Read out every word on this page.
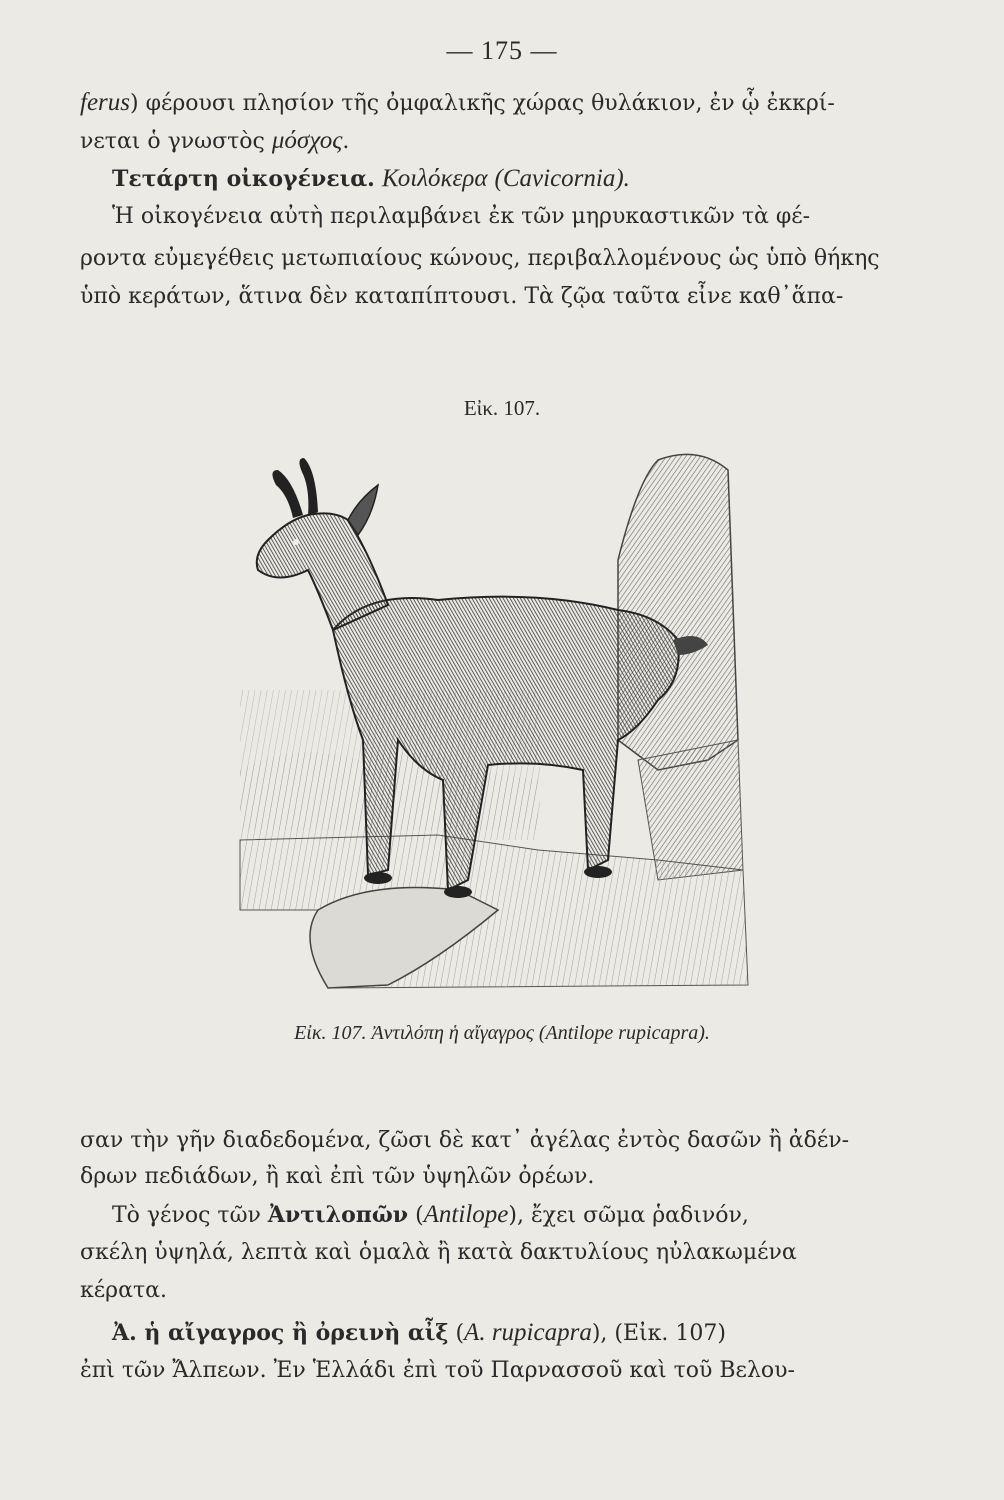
— 175 —
ferus) φέρουσι πλησίον τῆς ὀμφαλικῆς χώρας θυλάκιον, ἐν ᾧ ἐκκρί-
νεται ὁ γνωστὸς μόσχος.
Τετάρτη οἰκογένεια. Κοιλόκερα (Cavicornia).
Ἡ οἰκογένεια αὐτὴ περιλαμβάνει ἐκ τῶν μηρυκαστικῶν τὰ φέ-
ροντα εὐμεγέθεις μετωπιαίους κώνους, περιβαλλομένους ὡς ὑπὸ θήκης
ὑπὸ κεράτων, ἅτινα δὲν καταπίπτουσι. Τὰ ζῷα ταῦτα εἶνε καθ᾽ἅπα-
Εἰκ. 107.
Εἰκ. 107. Ἀντιλόπη ἡ αἴγαγρος (Antilope rupicapra).
σαν τὴν γῆν διαδεδομένα, ζῶσι δὲ κατ᾽ ἀγέλας ἐντὸς δασῶν ἢ ἀδέν-
δρων πεδιάδων, ἢ καὶ ἐπὶ τῶν ὑψηλῶν ὀρέων.
Τὸ γένος τῶν Ἀντιλοπῶν (Antilope), ἔχει σῶμα ῥαδινόν,
σκέλη ὑψηλά, λεπτὰ καὶ ὁμαλὰ ἢ κατὰ δακτυλίους ηὐλακωμένα
κέρατα.
Ἀ. ἡ αἴγαγρος ἢ ὀρεινὴ αἶξ (A. rupicapra), (Εἰκ. 107)
ἐπὶ τῶν Ἄλπεων. Ἐν Ἑλλάδι ἐπὶ τοῦ Παρνασσοῦ καὶ τοῦ Βελου-
